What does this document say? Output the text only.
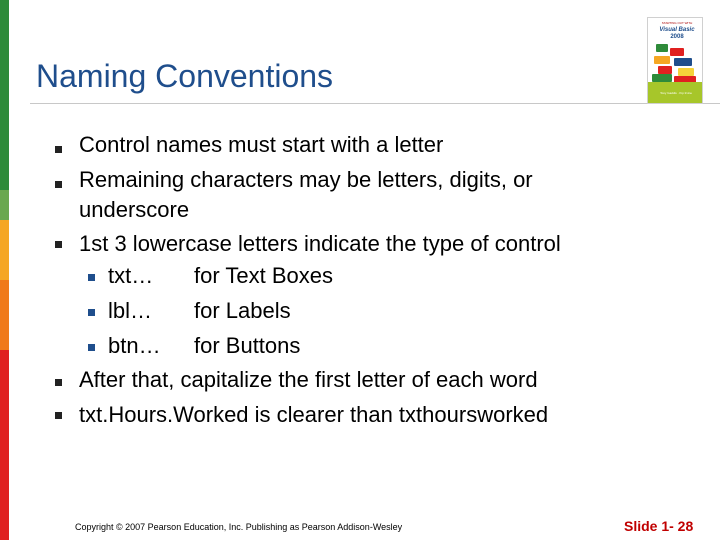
Naming Conventions
STARTING OUT WITH
Visual Basic
2008
Tony Gaddis · Kip Irvine
Control names must start with a letter
Remaining characters may be letters, digits, or
underscore
1st 3 lowercase letters indicate the type of control
txt… for Text Boxes
lbl… for Labels
btn… for Buttons
After that, capitalize the first letter of each word
txt.Hours.Worked is clearer than txthoursworked
Copyright © 2007 Pearson Education, Inc. Publishing as Pearson Addison-Wesley	Slide 1- 28
